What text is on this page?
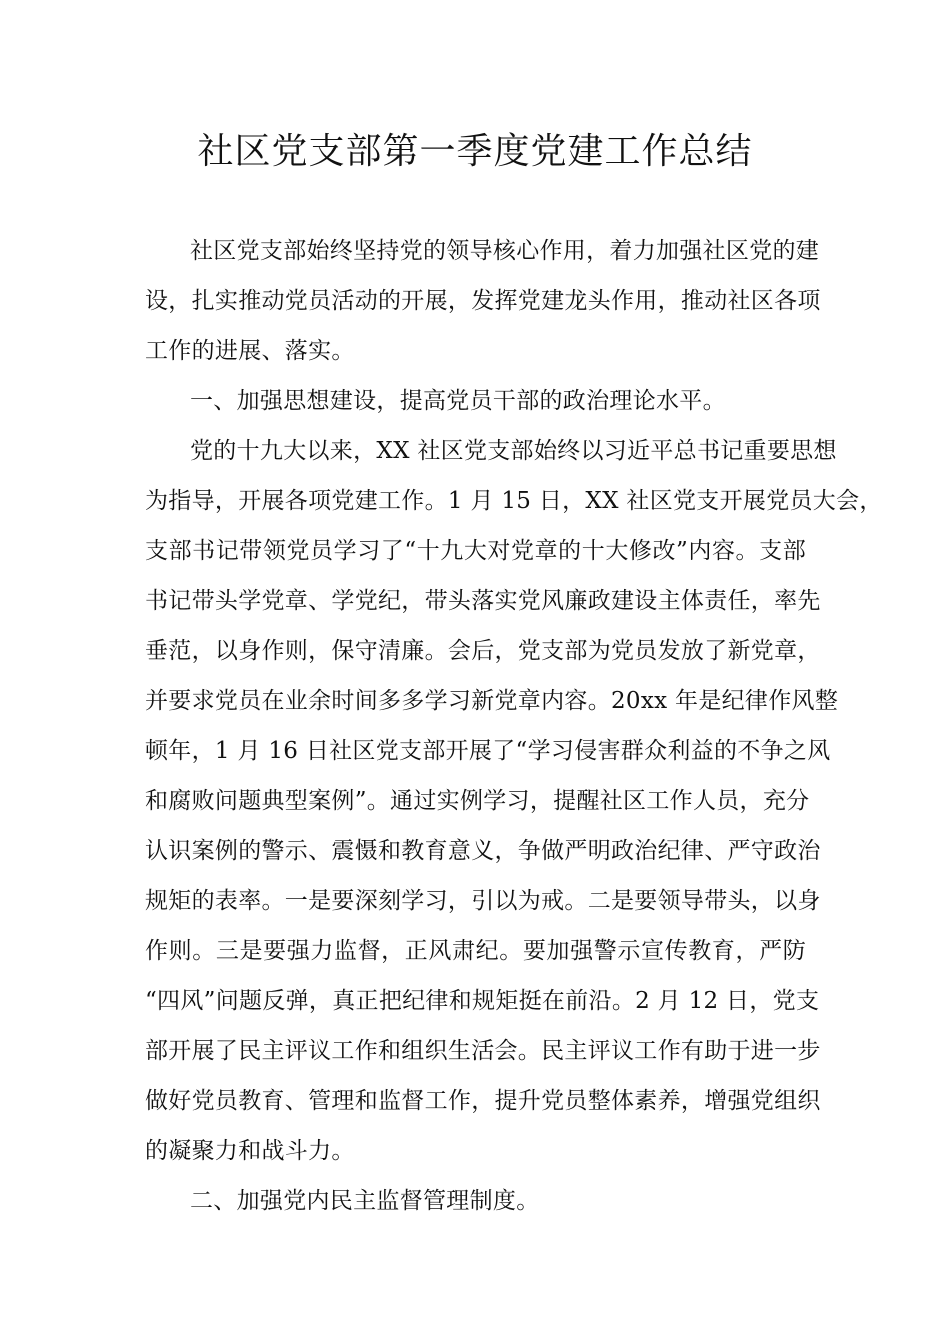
社区党支部第一季度党建工作总结
社区党支部始终坚持党的领导核心作用，着力加强社区党的建
设，扎实推动党员活动的开展，发挥党建龙头作用，推动社区各项
工作的进展、落实。
一、加强思想建设，提高党员干部的政治理论水平。
党的十九大以来，XX 社区党支部始终以习近平总书记重要思想
为指导，开展各项党建工作。1 月 15 日，XX 社区党支开展党员大会，
支部书记带领党员学习了“十九大对党章的十大修改”内容。支部
书记带头学党章、学党纪，带头落实党风廉政建设主体责任，率先
垂范，以身作则，保守清廉。会后，党支部为党员发放了新党章，
并要求党员在业余时间多多学习新党章内容。20xx 年是纪律作风整
顿年，1 月 16 日社区党支部开展了“学习侵害群众利益的不争之风
和腐败问题典型案例”。通过实例学习，提醒社区工作人员，充分
认识案例的警示、震慑和教育意义，争做严明政治纪律、严守政治
规矩的表率。一是要深刻学习，引以为戒。二是要领导带头，以身
作则。三是要强力监督，正风肃纪。要加强警示宣传教育，严防
“四风”问题反弹，真正把纪律和规矩挺在前沿。2 月 12 日，党支
部开展了民主评议工作和组织生活会。民主评议工作有助于进一步
做好党员教育、管理和监督工作，提升党员整体素养，增强党组织
的凝聚力和战斗力。
二、加强党内民主监督管理制度。
